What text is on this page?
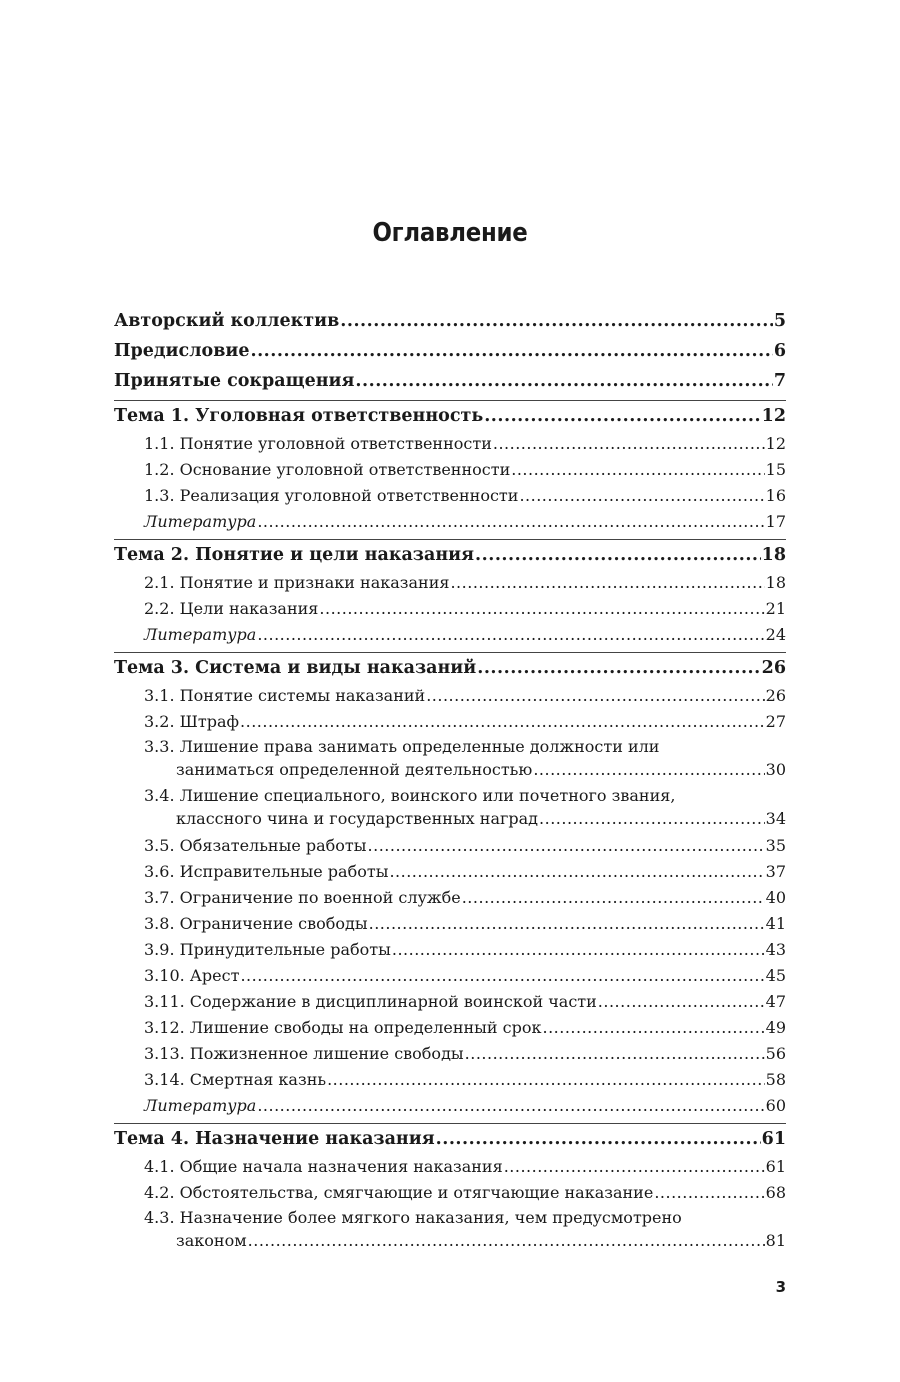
Оглавление
Авторский коллектив .....	5
Предисловие .....	6
Принятые сокращения .....	7
Тема 1. Уголовная ответственность .....	12
1.1. Понятие уголовной ответственности .....	12
1.2. Основание уголовной ответственности .....	15
1.3. Реализация уголовной ответственности .....	16
Литература .....	17
Тема 2. Понятие и цели наказания .....	18
2.1. Понятие и признаки наказания .....	18
2.2. Цели наказания .....	21
Литература .....	24
Тема 3. Система и виды наказаний .....	26
3.1. Понятие системы наказаний .....	26
3.2. Штраф .....	27
3.3. Лишение права занимать определенные должности или
заниматься определенной деятельностью .....	30
3.4. Лишение специального, воинского или почетного звания,
классного чина и государственных наград .....	34
3.5. Обязательные работы .....	35
3.6. Исправительные работы .....	37
3.7. Ограничение по военной службе .....	40
3.8. Ограничение свободы .....	41
3.9. Принудительные работы .....	43
3.10. Арест .....	45
3.11. Содержание в дисциплинарной воинской части .....	47
3.12. Лишение свободы на определенный срок .....	49
3.13. Пожизненное лишение свободы .....	56
3.14. Смертная казнь .....	58
Литература .....	60
Тема 4. Назначение наказания .....	61
4.1. Общие начала назначения наказания .....	61
4.2. Обстоятельства, смягчающие и отягчающие наказание .....	68
4.3. Назначение более мягкого наказания, чем предусмотрено
законом .....	81
3
